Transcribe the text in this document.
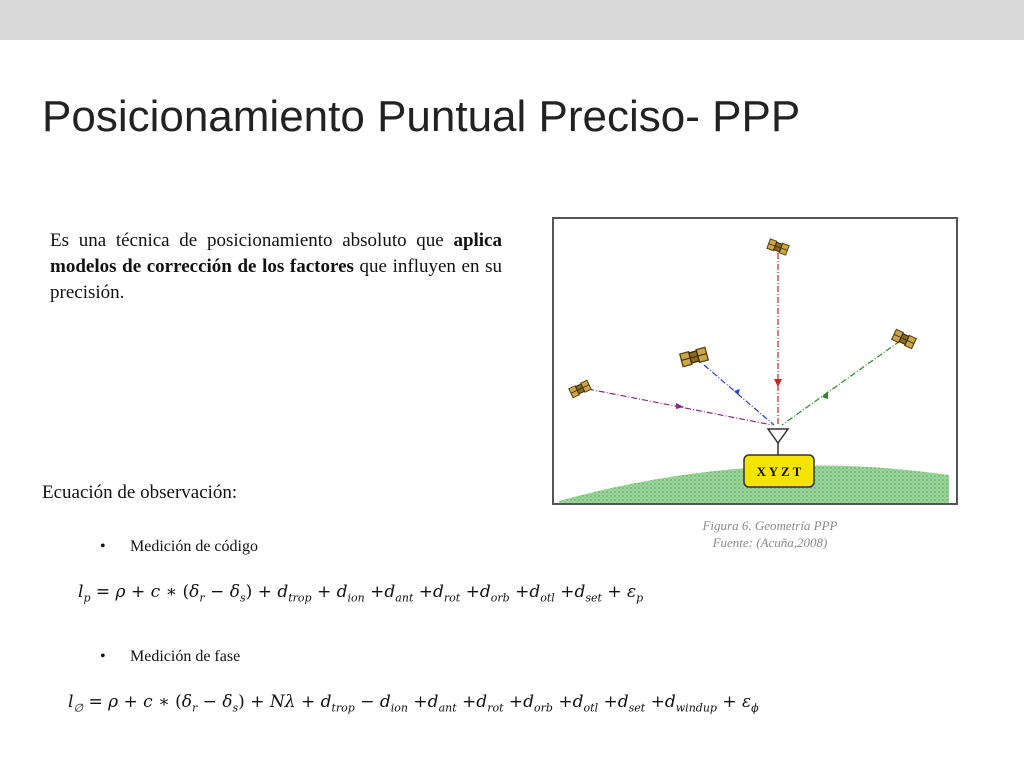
Posicionamiento Puntual Preciso- PPP
Es una técnica de posicionamiento absoluto que aplica modelos de corrección de los factores que influyen en su precisión.
X Y Z T
Figura 6. Geometría PPP
Fuente: (Acuña,2008)
Ecuación de observación:
• Medición de código
$l_p = \rho + c$ ∗ $(\delta_r - \delta_s) + d_{trop} + d_{ion} +d_{ant} +d_{rot} +d_{orb} +d_{otl} +d_{set} + \varepsilon_p$
• Medición de fase
$l_\emptyset = \rho + c$ ∗ $(\delta_r - \delta_s) + N\lambda + d_{trop} - d_{ion} +d_{ant} +d_{rot} +d_{orb} +d_{otl} +d_{set} +d_{windup} + \varepsilon_\phi$
